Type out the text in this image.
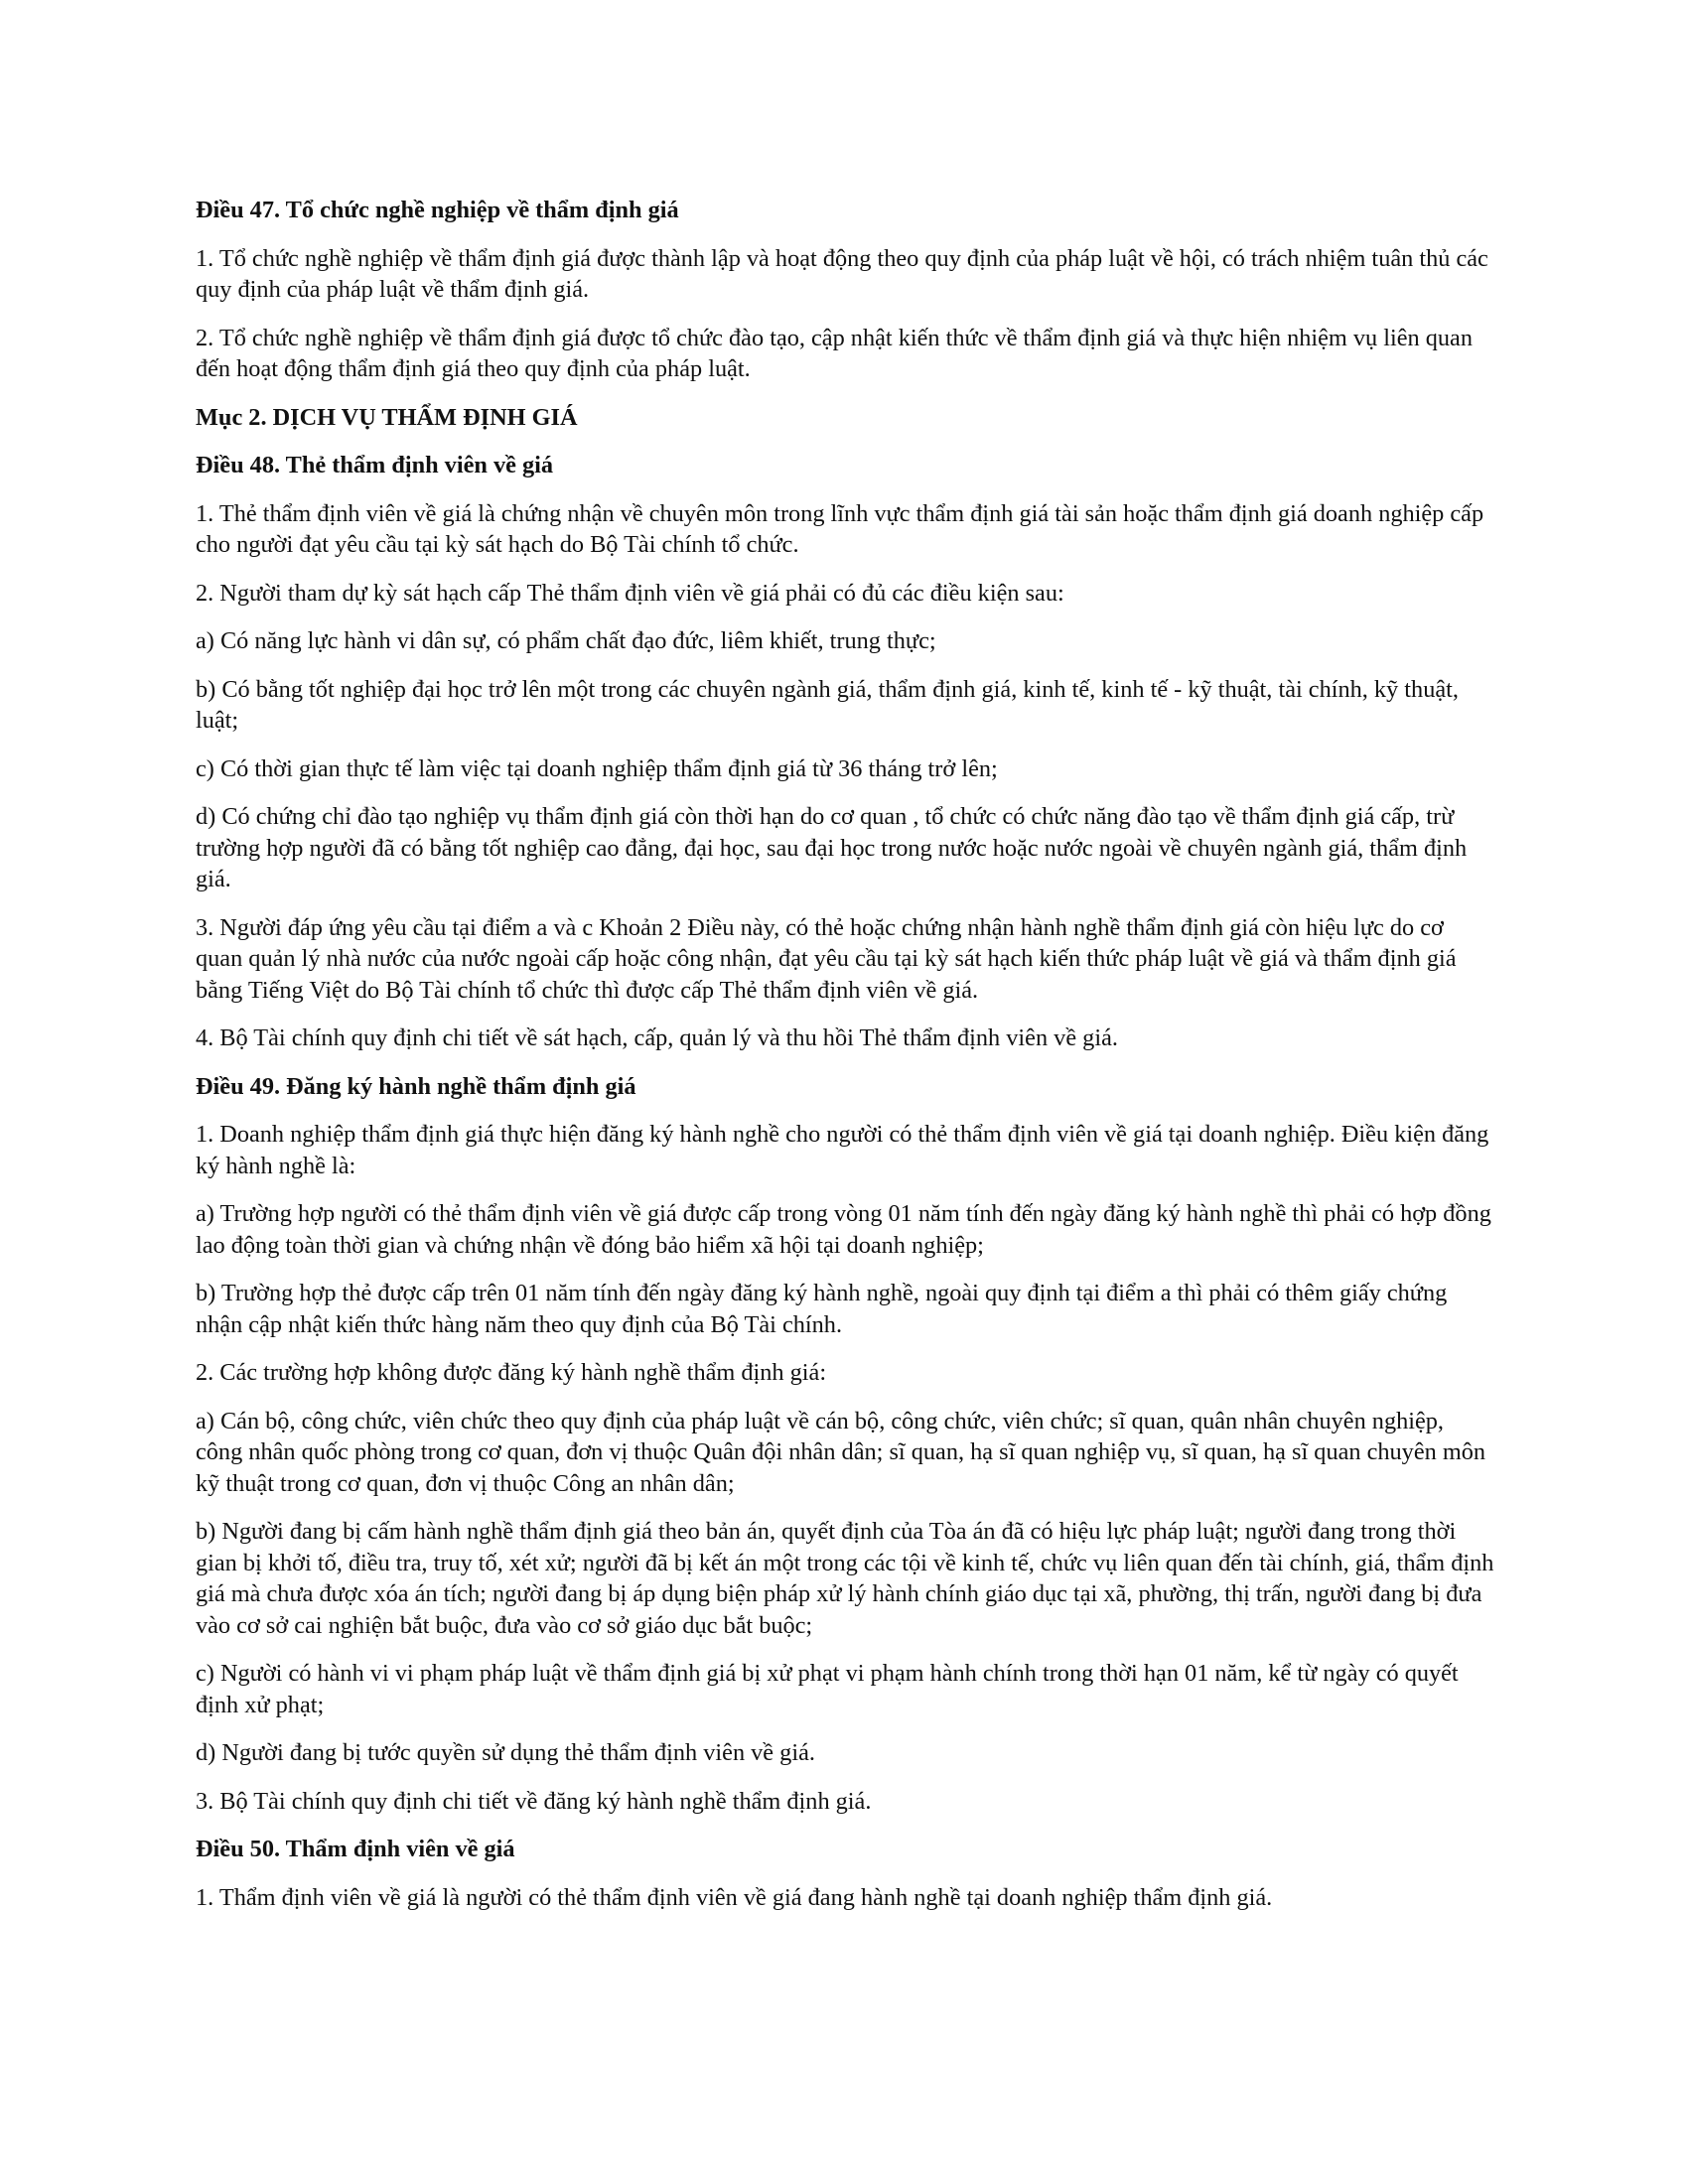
Điều 47. Tổ chức nghề nghiệp về thẩm định giá

1. Tổ chức nghề nghiệp về thẩm định giá được thành lập và hoạt động theo quy định của pháp luật về hội, có trách nhiệm tuân thủ các quy định của pháp luật về thẩm định giá.

2. Tổ chức nghề nghiệp về thẩm định giá được tổ chức đào tạo, cập nhật kiến thức về thẩm định giá và thực hiện nhiệm vụ liên quan đến hoạt động thẩm định giá theo quy định của pháp luật.

Mục 2. DỊCH VỤ THẨM ĐỊNH GIÁ

Điều 48. Thẻ thẩm định viên về giá

1. Thẻ thẩm định viên về giá là chứng nhận về chuyên môn trong lĩnh vực thẩm định giá tài sản hoặc thẩm định giá doanh nghiệp cấp cho người đạt yêu cầu tại kỳ sát hạch do Bộ Tài chính tổ chức.

2. Người tham dự kỳ sát hạch cấp Thẻ thẩm định viên về giá phải có đủ các điều kiện sau:

a) Có năng lực hành vi dân sự, có phẩm chất đạo đức, liêm khiết, trung thực;

b) Có bằng tốt nghiệp đại học trở lên một trong các chuyên ngành giá, thẩm định giá, kinh tế, kinh tế - kỹ thuật, tài chính, kỹ thuật, luật;

c) Có thời gian thực tế làm việc tại doanh nghiệp thẩm định giá từ 36 tháng trở lên;

d) Có chứng chỉ đào tạo nghiệp vụ thẩm định giá còn thời hạn do cơ quan , tổ chức có chức năng đào tạo về thẩm định giá cấp, trừ trường hợp người đã có bằng tốt nghiệp cao đẳng, đại học, sau đại học trong nước hoặc nước ngoài về chuyên ngành giá, thẩm định giá.

3. Người đáp ứng yêu cầu tại điểm a và c Khoản 2 Điều này, có thẻ hoặc chứng nhận hành nghề thẩm định giá còn hiệu lực do cơ quan quản lý nhà nước của nước ngoài cấp hoặc công nhận, đạt yêu cầu tại kỳ sát hạch kiến thức pháp luật về giá và thẩm định giá bằng Tiếng Việt do Bộ Tài chính tổ chức thì được cấp Thẻ thẩm định viên về giá.

4. Bộ Tài chính quy định chi tiết về sát hạch, cấp, quản lý và thu hồi Thẻ thẩm định viên về giá.

Điều 49. Đăng ký hành nghề thẩm định giá

1. Doanh nghiệp thẩm định giá thực hiện đăng ký hành nghề cho người có thẻ thẩm định viên về giá tại doanh nghiệp. Điều kiện đăng ký hành nghề là:

a) Trường hợp người có thẻ thẩm định viên về giá được cấp trong vòng 01 năm tính đến ngày đăng ký hành nghề thì phải có hợp đồng lao động toàn thời gian và chứng nhận về đóng bảo hiểm xã hội tại doanh nghiệp;

b) Trường hợp thẻ được cấp trên 01 năm tính đến ngày đăng ký hành nghề, ngoài quy định tại điểm a thì phải có thêm giấy chứng nhận cập nhật kiến thức hàng năm theo quy định của Bộ Tài chính.

2. Các trường hợp không được đăng ký hành nghề thẩm định giá:

a) Cán bộ, công chức, viên chức theo quy định của pháp luật về cán bộ, công chức, viên chức; sĩ quan, quân nhân chuyên nghiệp, công nhân quốc phòng trong cơ quan, đơn vị thuộc Quân đội nhân dân; sĩ quan, hạ sĩ quan nghiệp vụ, sĩ quan, hạ sĩ quan chuyên môn kỹ thuật trong cơ quan, đơn vị thuộc Công an nhân dân;

b) Người đang bị cấm hành nghề thẩm định giá theo bản án, quyết định của Tòa án đã có hiệu lực pháp luật; người đang trong thời gian bị khởi tố, điều tra, truy tố, xét xử; người đã bị kết án một trong các tội về kinh tế, chức vụ liên quan đến tài chính, giá, thẩm định giá mà chưa được xóa án tích; người đang bị áp dụng biện pháp xử lý hành chính giáo dục tại xã, phường, thị trấn, người đang bị đưa vào cơ sở cai nghiện bắt buộc, đưa vào cơ sở giáo dục bắt buộc;

c) Người có hành vi vi phạm pháp luật về thẩm định giá bị xử phạt vi phạm hành chính trong thời hạn 01 năm, kể từ ngày có quyết định xử phạt;

d) Người đang bị tước quyền sử dụng thẻ thẩm định viên về giá.

3. Bộ Tài chính quy định chi tiết về đăng ký hành nghề thẩm định giá.

Điều 50. Thẩm định viên về giá

1. Thẩm định viên về giá là người có thẻ thẩm định viên về giá đang hành nghề tại doanh nghiệp thẩm định giá.
